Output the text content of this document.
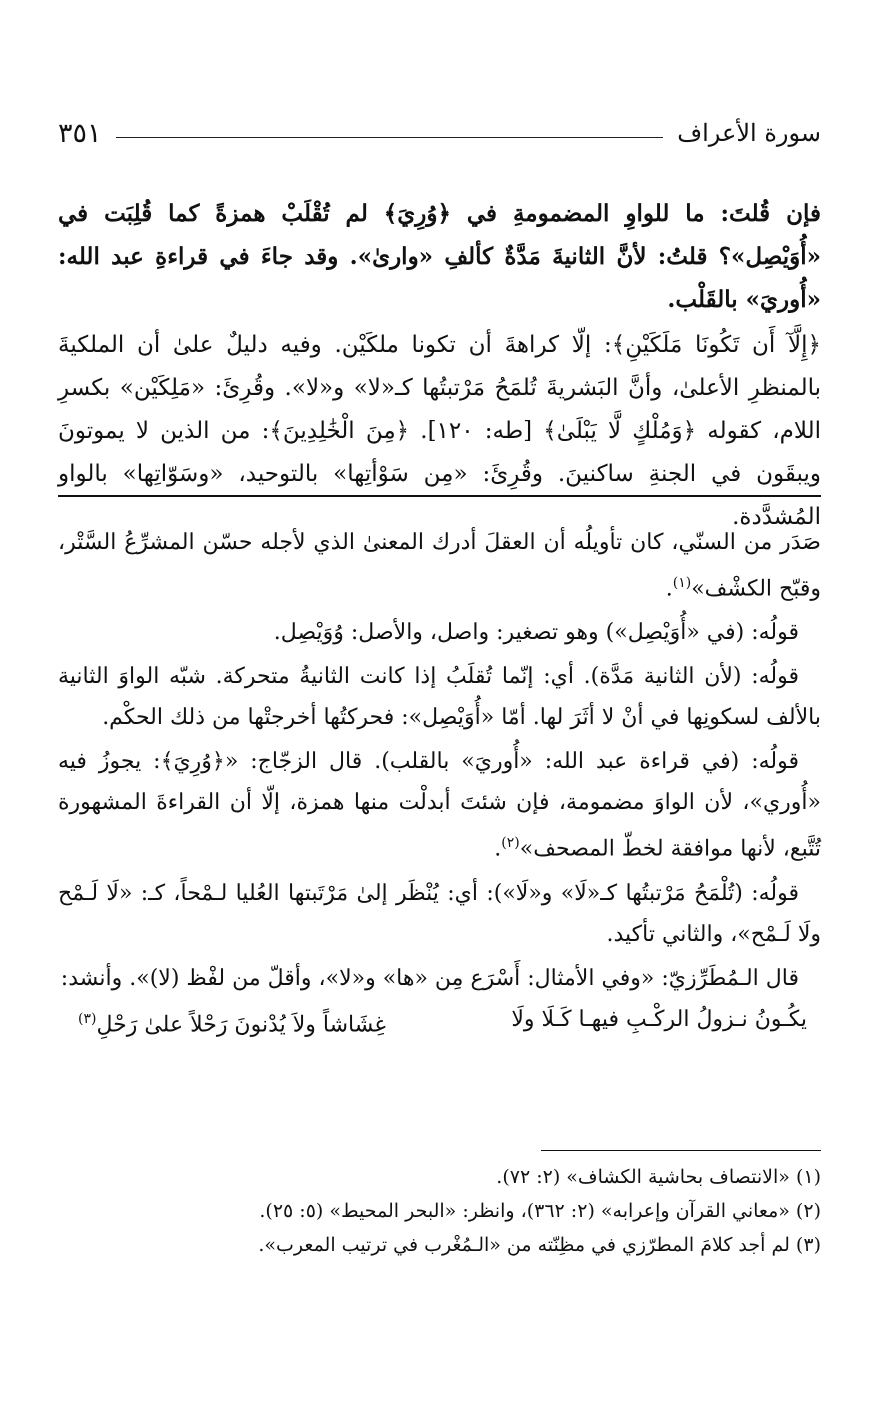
سورة الأعراف
٣٥١

فإن قُلتَ: ما للواوِ المضمومةِ في ﴿وُرِيَ﴾ لم تُقْلَبْ همزةً كما قُلِبَت في «أُوَيْصِل»؟ قلتُ: لأنَّ الثانيةَ مَدَّةٌ كألفِ «وارىٰ». وقد جاءَ في قراءةِ عبد الله: «أُوريَ» بالقَلْب.

﴿إِلَّآ أَن تَكُونَا مَلَكَيْنِ﴾: إلّا كراهةَ أن تكونا ملكَيْن. وفيه دليلٌ علىٰ أن الملكيةَ بالمنظرِ الأعلىٰ، وأنَّ البَشريةَ تُلمَحُ مَرْتبتُها كـ«لا» و«لا». وقُرِئَ: «مَلِكَيْن» بكسرِ اللام، كقوله ﴿وَمُلْكٍ لَّا يَبْلَىٰ﴾ [طه: ١٢٠]. ﴿مِنَ الْخَٰلِدِينَ﴾: من الذين لا يموتونَ ويبقَون في الجنةِ ساكنينَ. وقُرِئَ: «مِن سَوْأتِها» بالتوحيد، «وسَوّاتِها» بالواو المُشدَّدة.

صَدَر من السنّي، كان تأويلُه أن العقلَ أدرك المعنىٰ الذي لأجله حسّن المشرِّعُ السَّتْر، وقبّح الكشْف»$^{(١)}$.

قولُه: (في «أُوَيْصِل») وهو تصغير: واصل، والأصل: وُوَيْصِل.

قولُه: (لأن الثانية مَدَّة). أي: إنّما تُقلَبُ إذا كانت الثانيةُ متحركة. شبّه الواوَ الثانية بالألف لسكونِها في أنْ لا أثَرَ لها. أمّا «أُوَيْصِل»: فحركتُها أخرجتْها من ذلك الحكْم.

قولُه: (في قراءة عبد الله: «أُوريَ» بالقلب). قال الزجّاج: «﴿وُرِيَ﴾: يجوزُ فيه «أُوري»، لأن الواوَ مضمومة، فإن شئتَ أبدلْت منها همزة، إلّا أن القراءةَ المشهورة تُتَّبع، لأنها موافقة لخطّ المصحف»$^{(٢)}$.

قولُه: (تُلْمَحُ مَرْتبتُها كـ«لَا» و«لَا»): أي: يُنْظَر إلىٰ مَرْتَبتها العُليا لـمْحاً، كـ: «لَا لَـمْح ولَا لَـمْح»، والثاني تأكيد.

قال الـمُطَرِّزيّ: «وفي الأمثال: أَسْرَع مِن «ها» و«لا»، وأقلّ من لفْظ (لا)». وأنشد:

يكُـونُ نـزولُ الركْـبِ فيهـا كَـلَا ولَا
غِشَاشاً ولاَ يُدْنونَ رَحْلاً علىٰ رَحْلِ$^{(٣)}$

(١) «الانتصاف بحاشية الكشاف» (٢: ٧٢).

(٢) «معاني القرآن وإعرابه» (٢: ٣٦٢)، وانظر: «البحر المحيط» (٥: ٢٥).

(٣) لم أجد كلامَ المطرّزي في مظِنّته من «الـمُغْرب في ترتيب المعرب».
